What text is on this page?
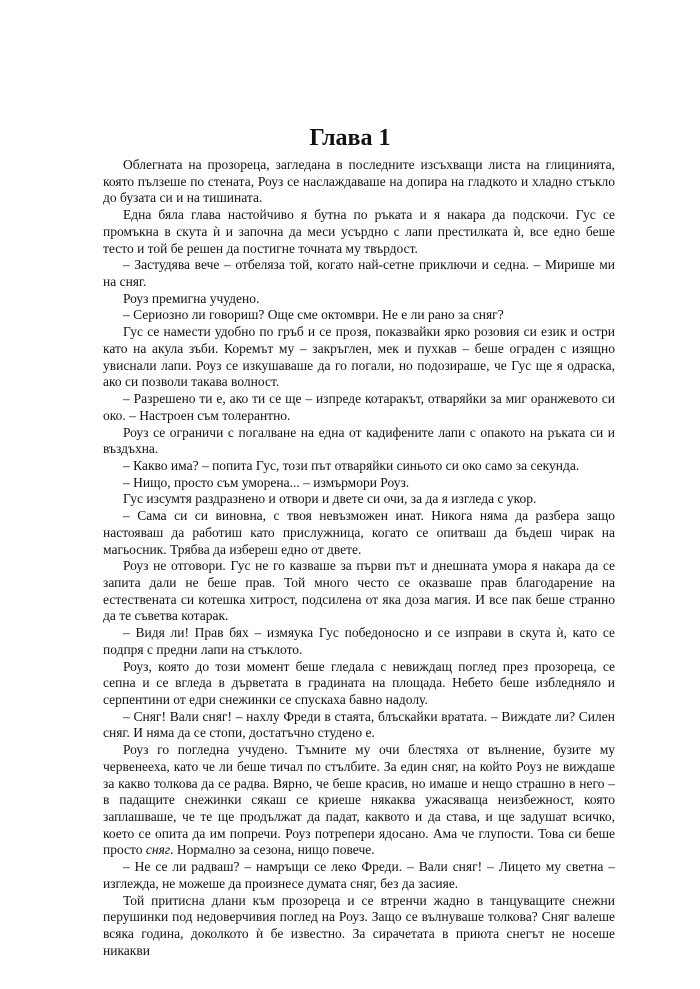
Глава 1

Облегната на прозореца, загледана в последните изсъхващи листа на глицинията, която пълзеше по стената, Роуз се наслаждаваше на допира на гладкото и хладно стъкло до бузата си и на тишината.

Една бяла глава настойчиво я бутна по ръката и я накара да подскочи. Гус се промъкна в скута ѝ и започна да меси усърдно с лапи престилката ѝ, все едно беше тесто и той бе решен да постигне точната му твърдост.

– Застудява вече – отбеляза той, когато най-сетне приключи и седна. – Мирише ми на сняг.

Роуз премигна учудено.

– Сериозно ли говориш? Още сме октомври. Не е ли рано за сняг?

Гус се намести удобно по гръб и се прозя, показвайки ярко розовия си език и остри като на акула зъби. Коремът му – закръглен, мек и пухкав – беше ограден с изящно увиснали лапи. Роуз се изкушаваше да го погали, но подозираше, че Гус ще я одраска, ако си позволи такава волност.

– Разрешено ти е, ако ти се ще – изпреде котаракът, отваряйки за миг оранжевото си око. – Настроен съм толерантно.

Роуз се ограничи с погалване на една от кадифените лапи с опакото на ръката си и въздъхна.

– Какво има? – попита Гус, този път отваряйки синьото си око само за секунда.

– Нищо, просто съм уморена... – измърмори Роуз.

Гус изсумтя раздразнено и отвори и двете си очи, за да я изгледа с укор.

– Сама си си виновна, с твоя невъзможен инат. Никога няма да разбера защо настояваш да работиш като прислужница, когато се опитваш да бъдеш чирак на магьосник. Трябва да избереш едно от двете.

Роуз не отговори. Гус не го казваше за първи път и днешната умора я накара да се запита дали не беше прав. Той много често се оказваше прав благодарение на естествената си котешка хитрост, подсилена от яка доза магия. И все пак беше странно да те съветва котарак.

– Видя ли! Прав бях – измяука Гус победоносно и се изправи в скута ѝ, като се подпря с предни лапи на стъклото.

Роуз, която до този момент беше гледала с невиждащ поглед през прозореца, се сепна и се вгледа в дърветата в градината на площада. Небето беше избледняло и серпентини от едри снежинки се спускаха бавно надолу.

– Сняг! Вали сняг! – нахлу Фреди в стаята, блъскайки вратата. – Виждате ли? Силен сняг. И няма да се стопи, достатъчно студено е.

Роуз го погледна учудено. Тъмните му очи блестяха от вълнение, бузите му червенееха, като че ли беше тичал по стълбите. За един сняг, на който Роуз не виждаше за какво толкова да се радва. Вярно, че беше красив, но имаше и нещо страшно в него – в падащите снежинки сякаш се криеше някаква ужасяваща неизбежност, която заплашваше, че те ще продължат да падат, каквото и да става, и ще задушат всичко, което се опита да им попречи. Роуз потрепери ядосано. Ама че глупости. Това си беше просто сняг. Нормално за сезона, нищо повече.

– Не се ли радваш? – намръщи се леко Фреди. – Вали сняг! – Лицето му светна – изглежда, не можеше да произнесе думата сняг, без да засияе.

Той притисна длани към прозореца и се втренчи жадно в танцуващите снежни перушинки под недоверчивия поглед на Роуз. Защо се вълнуваше толкова? Сняг валеше всяка година, доколкото ѝ бе известно. За сирачетата в приюта снегът не носеше никакви
